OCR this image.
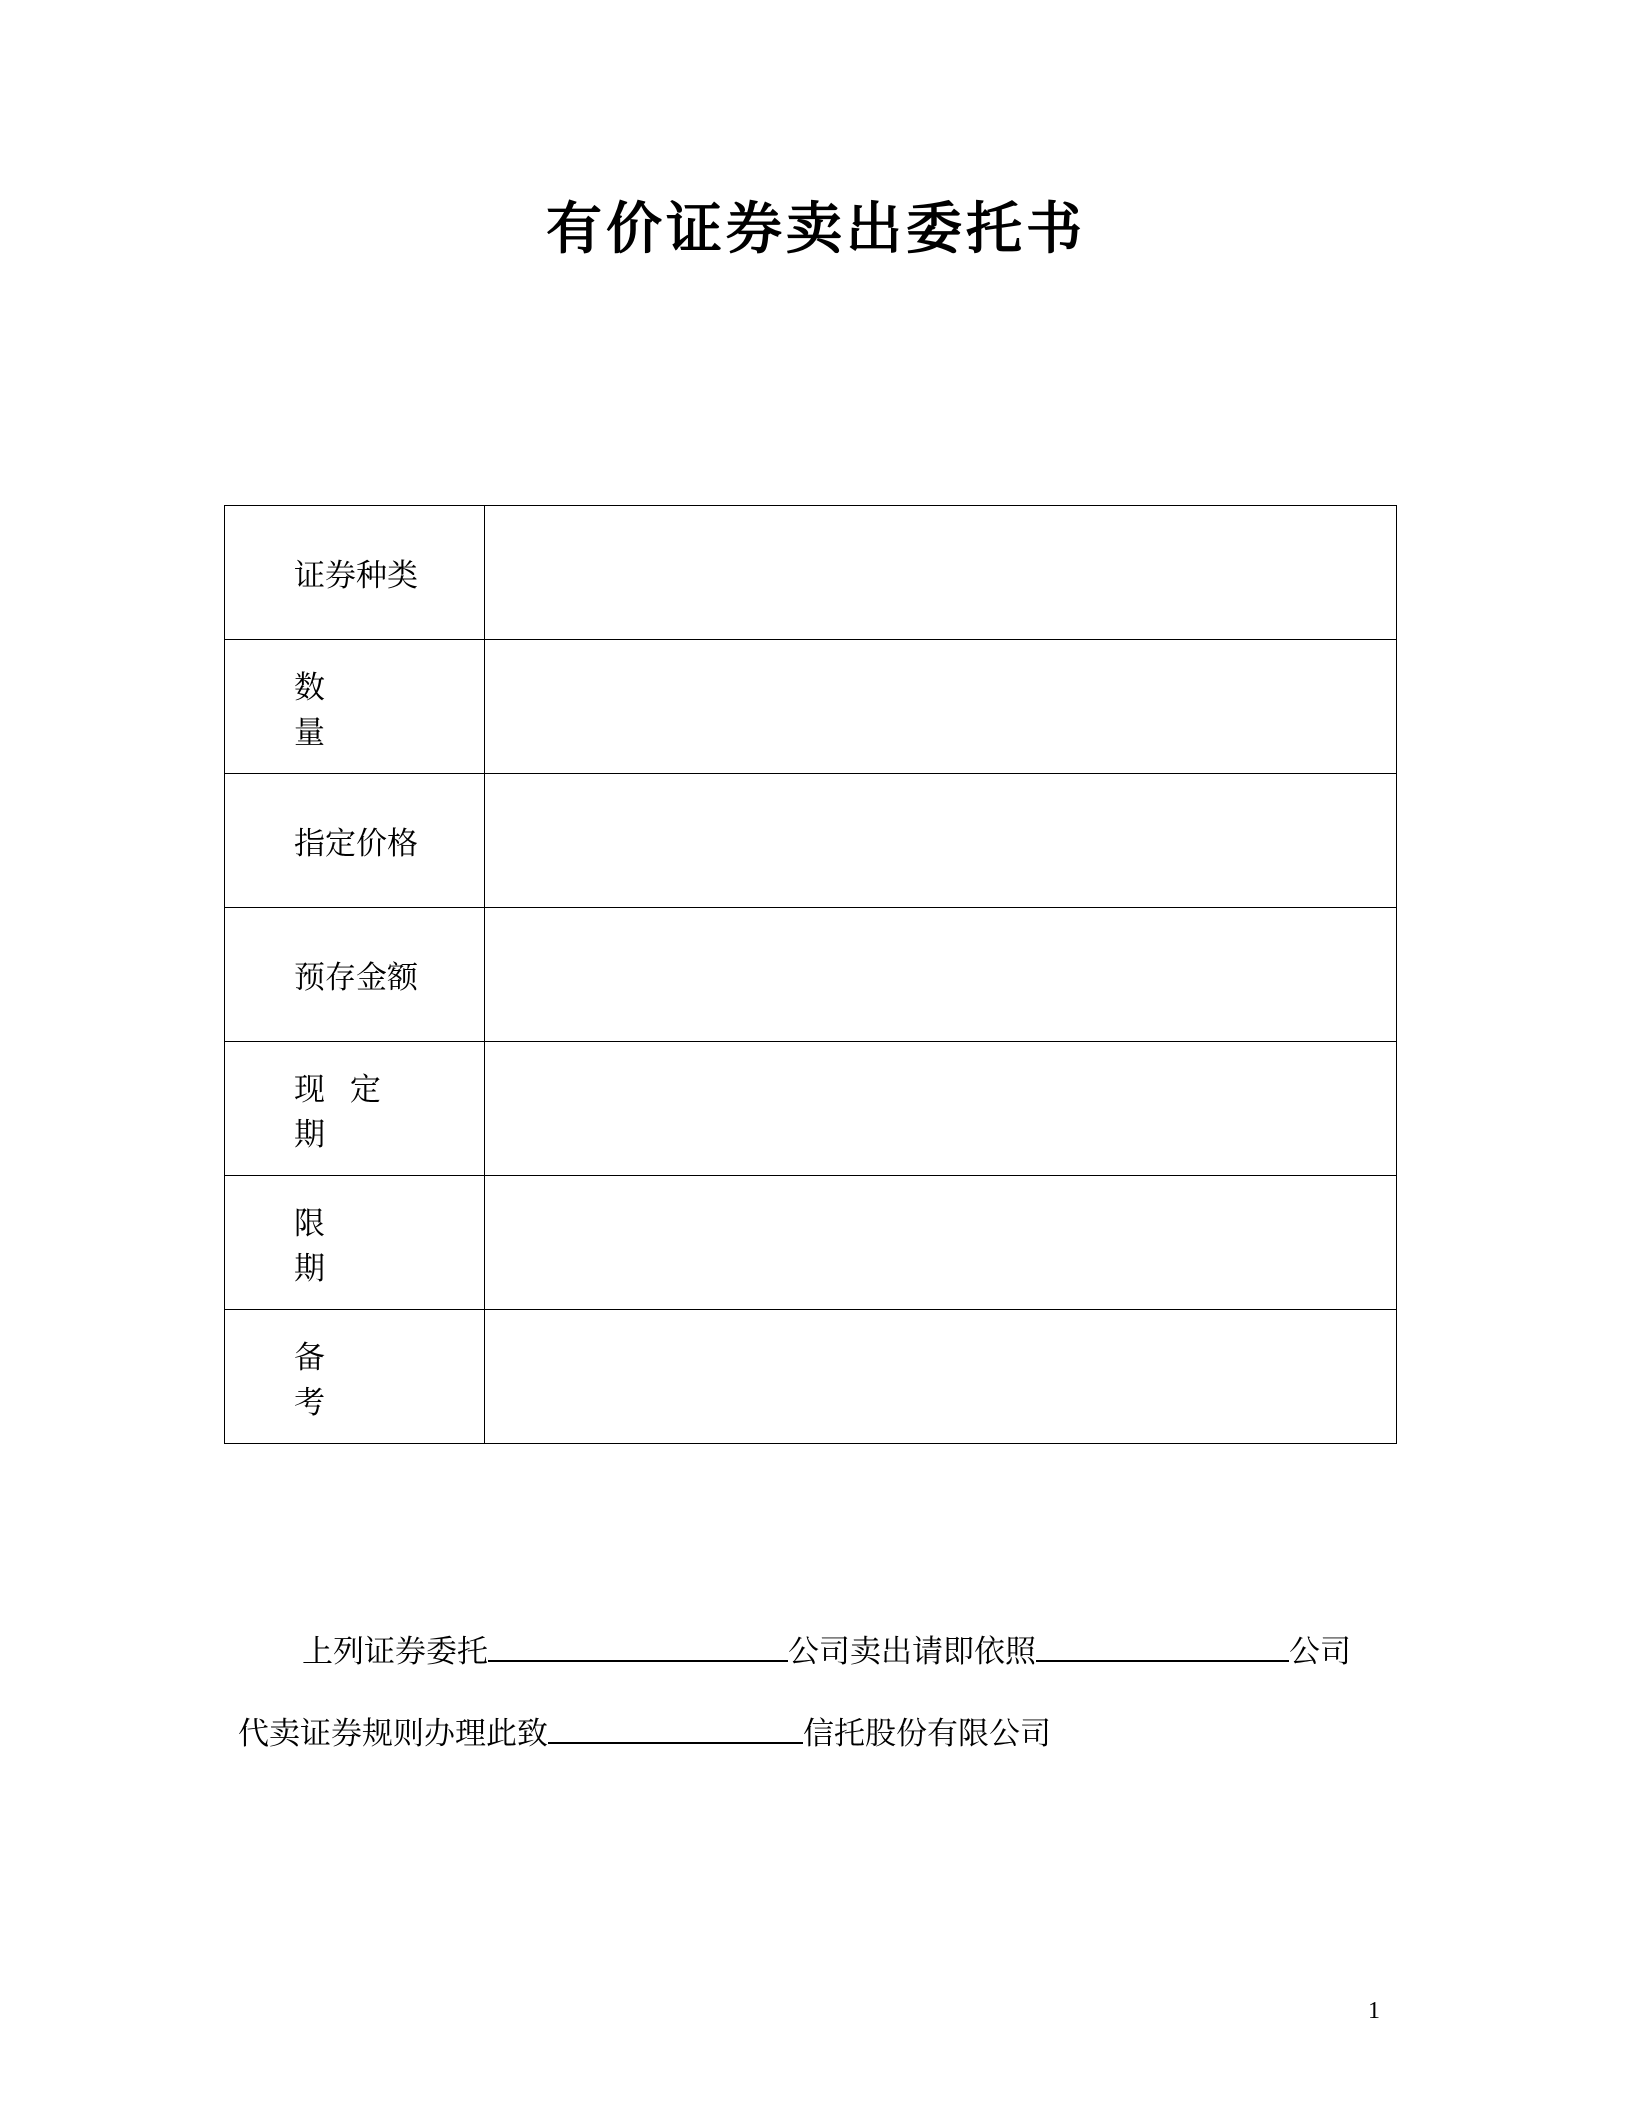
有价证券卖出委托书
证券种类	

数 量	

指定价格	

预存金额	

现 定 期	

限 期	

备 考	

上列证券委托	公司卖出请即依照	公司
代卖证券规则办理此致	信托股份有限公司
1
